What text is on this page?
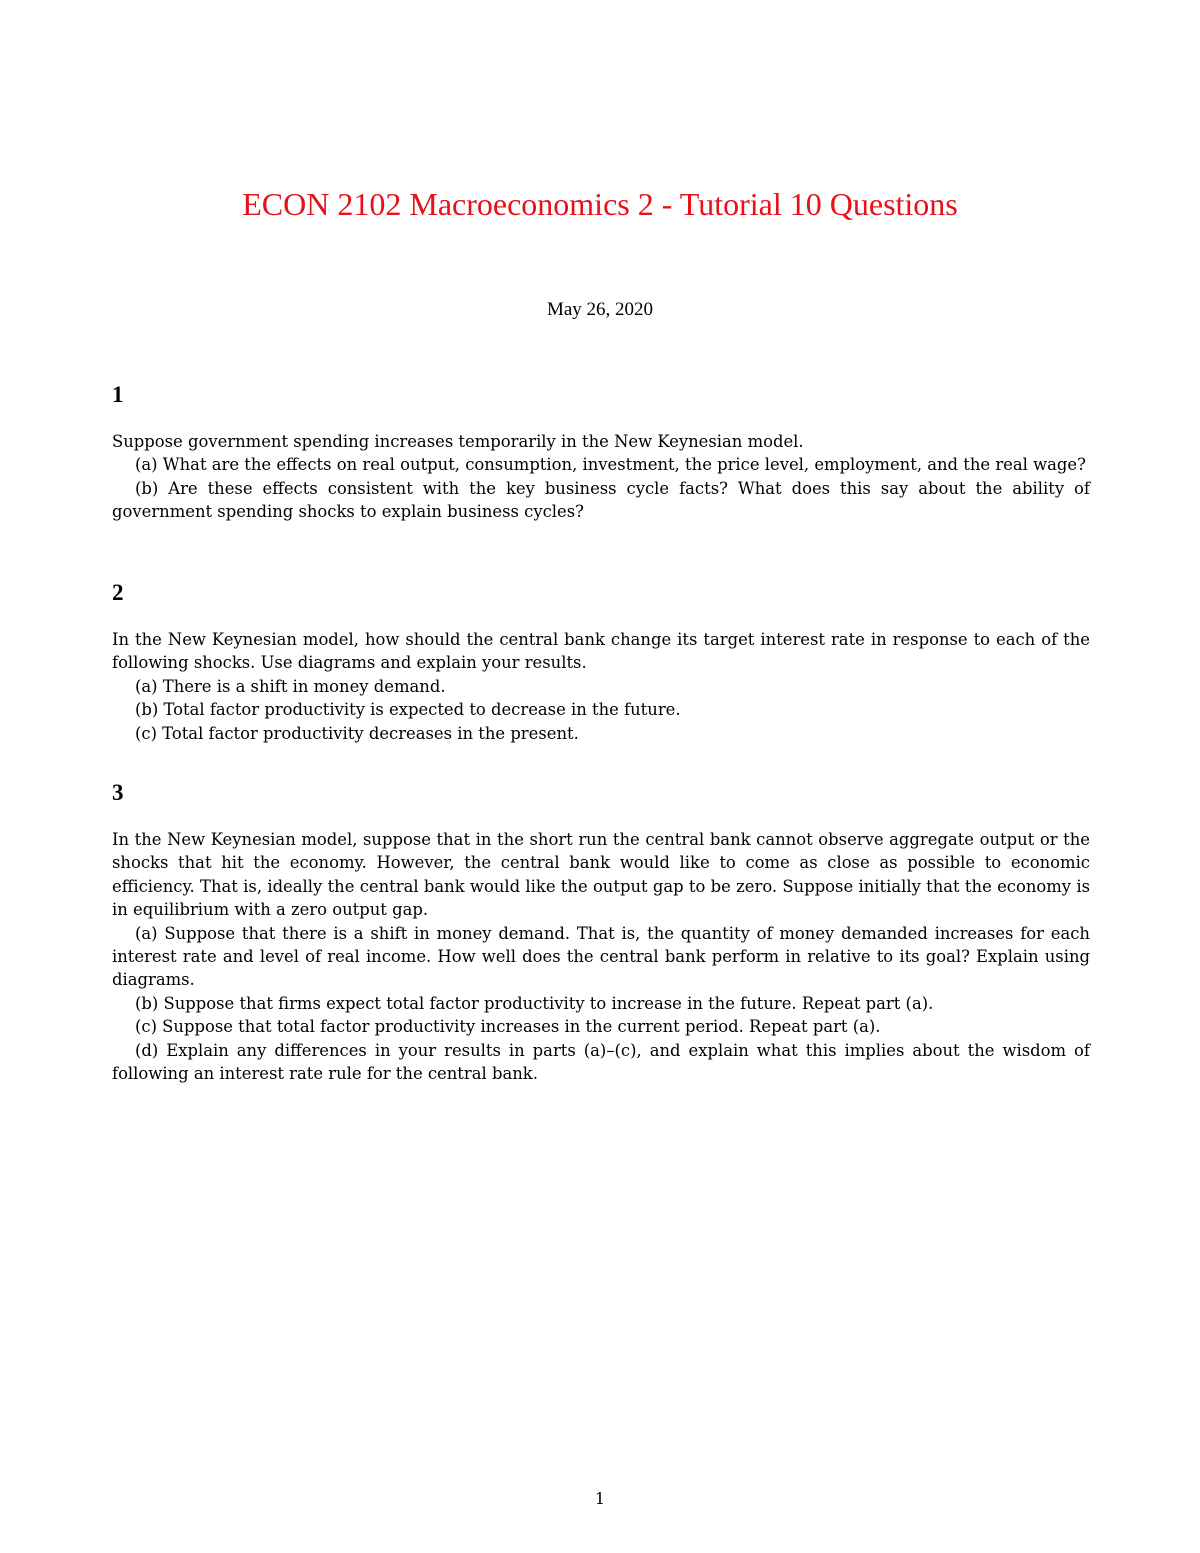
ECON 2102 Macroeconomics 2 - Tutorial 10 Questions
May 26, 2020
1

Suppose government spending increases temporarily in the New Keynesian model.

(a) What are the effects on real output, consumption, investment, the price level, employment, and the real wage?

(b) Are these effects consistent with the key business cycle facts? What does this say about the ability of government spending shocks to explain business cycles?

2

In the New Keynesian model, how should the central bank change its target interest rate in response to each of the following shocks. Use diagrams and explain your results.

(a) There is a shift in money demand.

(b) Total factor productivity is expected to decrease in the future.

(c) Total factor productivity decreases in the present.

3

In the New Keynesian model, suppose that in the short run the central bank cannot observe aggregate output or the shocks that hit the economy. However, the central bank would like to come as close as possible to economic efficiency. That is, ideally the central bank would like the output gap to be zero. Suppose initially that the economy is in equilibrium with a zero output gap.

(a) Suppose that there is a shift in money demand. That is, the quantity of money demanded increases for each interest rate and level of real income. How well does the central bank perform in relative to its goal? Explain using diagrams.

(b) Suppose that firms expect total factor productivity to increase in the future. Repeat part (a).

(c) Suppose that total factor productivity increases in the current period. Repeat part (a).

(d) Explain any differences in your results in parts (a)–(c), and explain what this implies about the wisdom of following an interest rate rule for the central bank.

1
